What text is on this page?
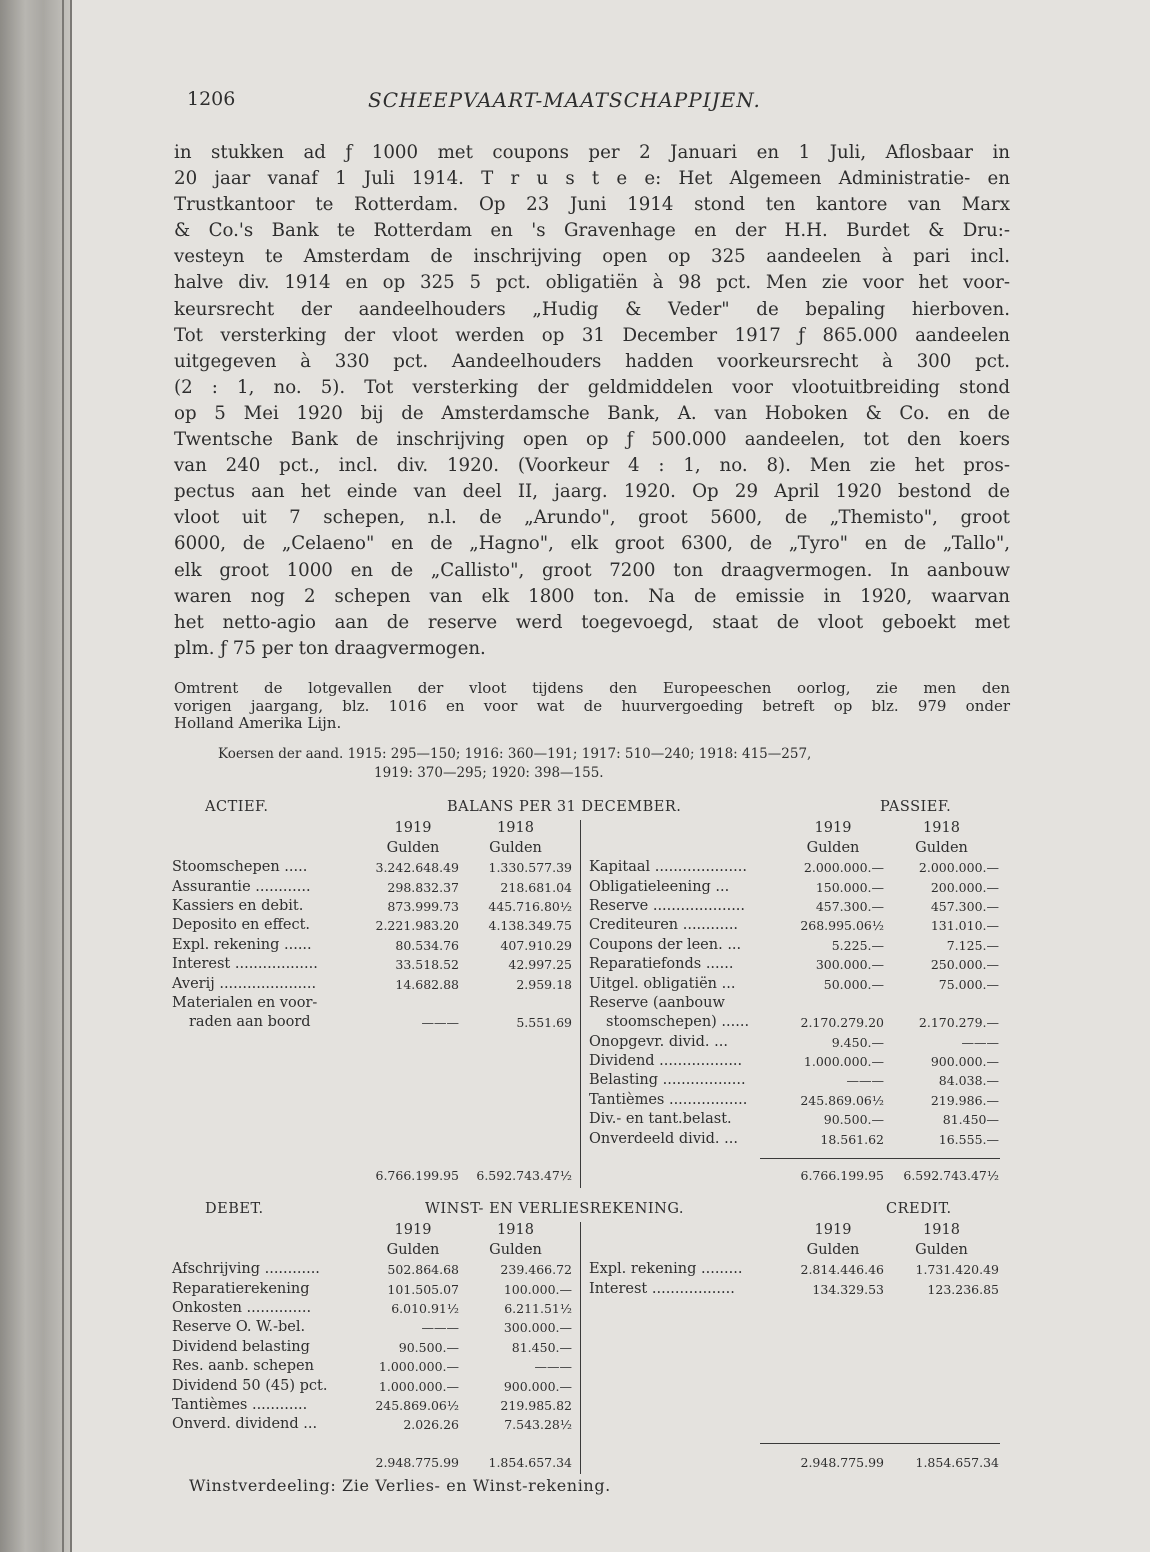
1206	SCHEEPVAART-MAATSCHAPPIJEN.
in stukken ad ƒ 1000 met coupons per 2 Januari en 1 Juli, Aflosbaar in
20 jaar vanaf 1 Juli 1914. T r u s t e e: Het Algemeen Administratie- en
Trustkantoor te Rotterdam. Op 23 Juni 1914 stond ten kantore van Marx
& Co.'s Bank te Rotterdam en 's Gravenhage en der H.H. Burdet & Dru:-
vesteyn te Amsterdam de inschrijving open op 325 aandeelen à pari incl.
halve div. 1914 en op 325 5 pct. obligatiën à 98 pct. Men zie voor het voor-
keursrecht der aandeelhouders „Hudig & Veder" de bepaling hierboven.
Tot versterking der vloot werden op 31 December 1917 ƒ 865.000 aandeelen
uitgegeven à 330 pct. Aandeelhouders hadden voorkeursrecht à 300 pct.
(2 : 1, no. 5). Tot versterking der geldmiddelen voor vlootuitbreiding stond
op 5 Mei 1920 bij de Amsterdamsche Bank, A. van Hoboken & Co. en de
Twentsche Bank de inschrijving open op ƒ 500.000 aandeelen, tot den koers
van 240 pct., incl. div. 1920. (Voorkeur 4 : 1, no. 8). Men zie het pros-
pectus aan het einde van deel II, jaarg. 1920. Op 29 April 1920 bestond de
vloot uit 7 schepen, n.l. de „Arundo", groot 5600, de „Themisto", groot
6000, de „Celaeno" en de „Hagno", elk groot 6300, de „Tyro" en de „Tallo",
elk groot 1000 en de „Callisto", groot 7200 ton draagvermogen. In aanbouw
waren nog 2 schepen van elk 1800 ton. Na de emissie in 1920, waarvan
het netto-agio aan de reserve werd toegevoegd, staat de vloot geboekt met
plm. ƒ 75 per ton draagvermogen.
Omtrent de lotgevallen der vloot tijdens den Europeeschen oorlog, zie men den
vorigen jaargang, blz. 1016 en voor wat de huurvergoeding betreft op blz. 979 onder
Holland Amerika Lijn.
Koersen der aand. 1915: 295—150; 1916: 360—191; 1917: 510—240; 1918: 415—257,
1919: 370—295; 1920: 398—155.
ACTIEF.	BALANS PER 31 DECEMBER.	PASSIEF.
	1919	1918
	Gulden	Gulden
Stoomschepen .....	3.242.648.49	1.330.577.39
Assurantie ............	298.832.37	218.681.04
Kassiers en debit.	873.999.73	445.716.80½
Deposito en effect.	2.221.983.20	4.138.349.75
Expl. rekening ......	80.534.76	407.910.29
Interest ..................	33.518.52	42.997.25
Averij .....................	14.682.88	2.959.18
Materialen en voor-		
raden aan boord	———	5.551.69
	6.766.199.95	6.592.743.47½
	1919	1918
	Gulden	Gulden
Kapitaal ....................	2.000.000.—	2.000.000.—
Obligatieleening ...	150.000.—	200.000.—
Reserve ....................	457.300.—	457.300.—
Crediteuren ............	268.995.06½	131.010.—
Coupons der leen. ...	5.225.—	7.125.—
Reparatiefonds ......	300.000.—	250.000.—
Uitgel. obligatiën ...	50.000.—	75.000.—
Reserve (aanbouw		
stoomschepen) ......	2.170.279.20	2.170.279.—
Onopgevr. divid. ...	9.450.—	———
Dividend ..................	1.000.000.—	900.000.—
Belasting ..................	———	84.038.—
Tantièmes .................	245.869.06½	219.986.—
Div.- en tant.belast.	90.500.—	81.450—
Onverdeeld divid. ...	18.561.62	16.555.—
	6.766.199.95	6.592.743.47½
DEBET.	WINST- EN VERLIESREKENING.	CREDIT.
	1919	1918
	Gulden	Gulden
Afschrijving ............	502.864.68	239.466.72
Reparatierekening	101.505.07	100.000.—
Onkosten ..............	6.010.91½	6.211.51½
Reserve O. W.-bel.	———	300.000.—
Dividend belasting	90.500.—	81.450.—
Res. aanb. schepen	1.000.000.—	———
Dividend 50 (45) pct.	1.000.000.—	900.000.—
Tantièmes ............	245.869.06½	219.985.82
Onverd. dividend ...	2.026.26	7.543.28½
	2.948.775.99	1.854.657.34
	1919	1918
	Gulden	Gulden
Expl. rekening .........	2.814.446.46	1.731.420.49
Interest ..................	134.329.53	123.236.85
	2.948.775.99	1.854.657.34
Winstverdeeling: Zie Verlies- en Winst-rekening.
